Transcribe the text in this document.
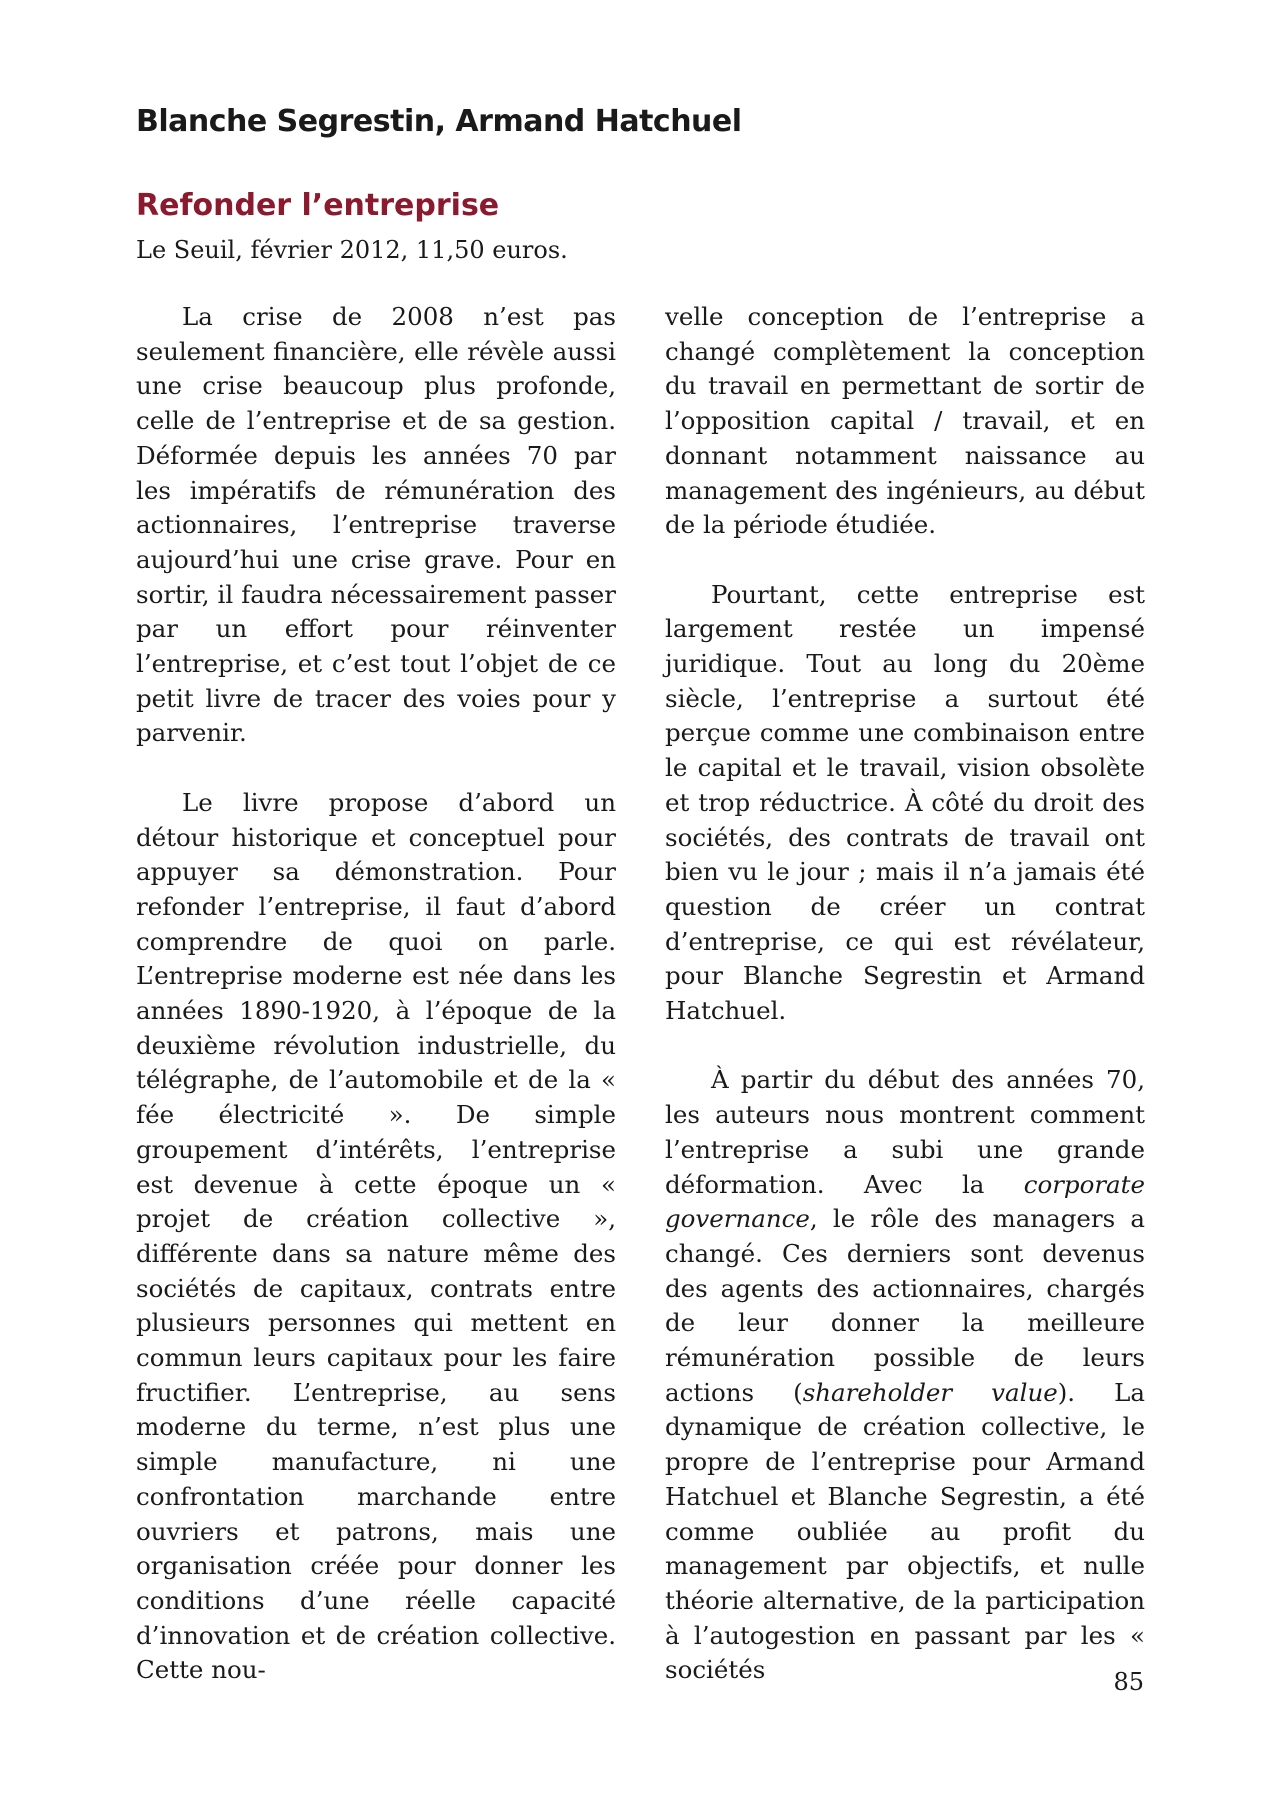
Blanche Segrestin, Armand Hatchuel
Refonder l’entreprise
Le Seuil, février 2012, 11,50 euros.

La crise de 2008 n’est pas seulement financière, elle révèle aussi une crise beaucoup plus profonde, celle de l’entreprise et de sa gestion. Déformée depuis les années 70 par les impératifs de rémunération des actionnaires, l’entreprise traverse aujourd’hui une crise grave. Pour en sortir, il faudra nécessairement passer par un effort pour réinventer l’entreprise, et c’est tout l’objet de ce petit livre de tracer des voies pour y parvenir.

Le livre propose d’abord un détour historique et conceptuel pour appuyer sa démonstration. Pour refonder l’entreprise, il faut d’abord comprendre de quoi on parle. L’entreprise moderne est née dans les années 1890-1920, à l’époque de la deuxième révolution industrielle, du télégraphe, de l’automobile et de la « fée électricité ». De simple groupement d’intérêts, l’entreprise est devenue à cette époque un « projet de création collective », différente dans sa nature même des sociétés de capitaux, contrats entre plusieurs personnes qui mettent en commun leurs capitaux pour les faire fructifier. L’entreprise, au sens moderne du terme, n’est plus une simple manufacture, ni une confrontation marchande entre ouvriers et patrons, mais une organisation créée pour donner les conditions d’une réelle capacité d’innovation et de création collective. Cette nou-

velle conception de l’entreprise a changé complètement la conception du travail en permettant de sortir de l’opposition capital / travail, et en donnant notamment naissance au management des ingénieurs, au début de la période étudiée.

Pourtant, cette entreprise est largement restée un impensé juridique. Tout au long du 20ème siècle, l’entreprise a surtout été perçue comme une combinaison entre le capital et le travail, vision obsolète et trop réductrice. À côté du droit des sociétés, des contrats de travail ont bien vu le jour ; mais il n’a jamais été question de créer un contrat d’entreprise, ce qui est révélateur, pour Blanche Segrestin et Armand Hatchuel.

À partir du début des années 70, les auteurs nous montrent comment l’entreprise a subi une grande déformation. Avec la corporate governance, le rôle des managers a changé. Ces derniers sont devenus des agents des actionnaires, chargés de leur donner la meilleure rémunération possible de leurs actions (shareholder value). La dynamique de création collective, le propre de l’entreprise pour Armand Hatchuel et Blanche Segrestin, a été comme oubliée au profit du management par objectifs, et nulle théorie alternative, de la participation à l’autogestion en passant par les « sociétés	85
